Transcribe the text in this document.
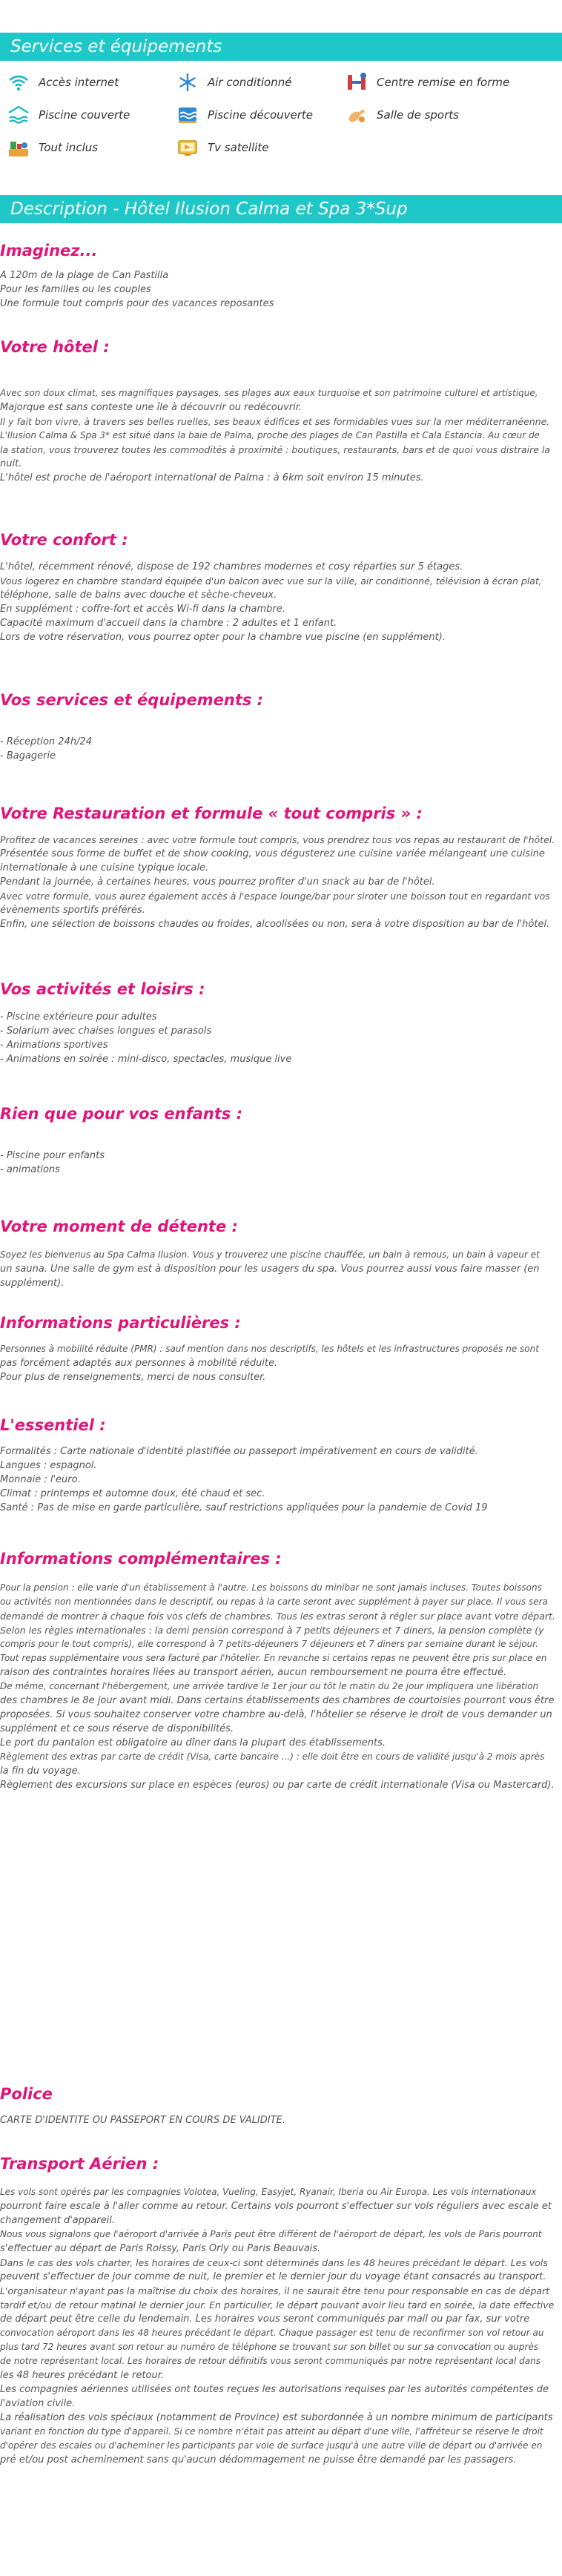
Services et équipements
Accès internet	Air conditionné	Centre remise en forme
Piscine couverte	Piscine découverte	Salle de sports
Tout inclus	Tv satellite
Description - Hôtel Ilusion Calma et Spa 3*Sup
Imaginez...
A 120m de la plage de Can Pastilla
Pour les familles ou les couples
Une formule tout compris pour des vacances reposantes
Votre hôtel :
Avec son doux climat, ses magnifiques paysages, ses plages aux eaux turquoise et son patrimoine culturel et artistique,
Majorque est sans conteste une île à découvrir ou redécouvrir.
Il y fait bon vivre, à travers ses belles ruelles, ses beaux édifices et ses formidables vues sur la mer méditerranéenne.
L'Ilusion Calma & Spa 3* est situé dans la baie de Palma, proche des plages de Can Pastilla et Cala Estancia. Au cœur de
la station, vous trouverez toutes les commodités à proximité : boutiques, restaurants, bars et de quoi vous distraire la
nuit.
L'hôtel est proche de l'aéroport international de Palma : à 6km soit environ 15 minutes.
Votre confort :
L'hôtel, récemment rénové, dispose de 192 chambres modernes et cosy réparties sur 5 étages.
Vous logerez en chambre standard équipée d'un balcon avec vue sur la ville, air conditionné, télévision à écran plat,
téléphone, salle de bains avec douche et sèche-cheveux.
En supplément : coffre-fort et accès Wi-fi dans la chambre.
Capacité maximum d'accueil dans la chambre : 2 adultes et 1 enfant.
Lors de votre réservation, vous pourrez opter pour la chambre vue piscine (en supplément).
Vos services et équipements :
- Réception 24h/24
- Bagagerie
Votre Restauration et formule « tout compris » :
Profitez de vacances sereines : avec votre formule tout compris, vous prendrez tous vos repas au restaurant de l'hôtel.
Présentée sous forme de buffet et de show cooking, vous dégusterez une cuisine variée mélangeant une cuisine
internationale à une cuisine typique locale.
Pendant la journée, à certaines heures, vous pourrez profiter d'un snack au bar de l'hôtel.
Avec votre formule, vous aurez également accès à l'espace lounge/bar pour siroter une boisson tout en regardant vos
évènements sportifs préférés.
Enfin, une sélection de boissons chaudes ou froides, alcoolisées ou non, sera à votre disposition au bar de l'hôtel.
Vos activités et loisirs :
- Piscine extérieure pour adultes
- Solarium avec chaises longues et parasols
- Animations sportives
- Animations en soirée : mini-disco, spectacles, musique live
Rien que pour vos enfants :
- Piscine pour enfants
- animations
Votre moment de détente :
Soyez les bienvenus au Spa Calma Ilusion. Vous y trouverez une piscine chauffée, un bain à remous, un bain à vapeur et
un sauna. Une salle de gym est à disposition pour les usagers du spa. Vous pourrez aussi vous faire masser (en
supplément).
Informations particulières :
Personnes à mobilité réduite (PMR) : sauf mention dans nos descriptifs, les hôtels et les infrastructures proposés ne sont
pas forcément adaptés aux personnes à mobilité réduite.
Pour plus de renseignements, merci de nous consulter.
L'essentiel :
Formalités : Carte nationale d'identité plastifiée ou passeport impérativement en cours de validité.
Langues : espagnol.
Monnaie : l'euro.
Climat : printemps et automne doux, été chaud et sec.
Santé : Pas de mise en garde particulière, sauf restrictions appliquées pour la pandemie de Covid 19
Informations complémentaires :
Pour la pension : elle varie d'un établissement à l'autre. Les boissons du minibar ne sont jamais incluses. Toutes boissons
ou activités non mentionnées dans le descriptif, ou repas à la carte seront avec supplément à payer sur place. Il vous sera
demandé de montrer à chaque fois vos clefs de chambres. Tous les extras seront à régler sur place avant votre départ.
Selon les règles internationales : la demi pension correspond à 7 petits déjeuners et 7 diners, la pension complète (y
compris pour le tout compris), elle correspond à 7 petits-déjeuners 7 déjeuners et 7 diners par semaine durant le séjour.
Tout repas supplémentaire vous sera facturé par l'hôtelier. En revanche si certains repas ne peuvent être pris sur place en
raison des contraintes horaires liées au transport aérien, aucun remboursement ne pourra être effectué.
De même, concernant l'hébergement, une arrivée tardive le 1er jour ou tôt le matin du 2e jour impliquera une libération
des chambres le 8e jour avant midi. Dans certains établissements des chambres de courtoisies pourront vous être
proposées. Si vous souhaitez conserver votre chambre au-delà, l'hôtelier se réserve le droit de vous demander un
supplément et ce sous réserve de disponibilités.
Le port du pantalon est obligatoire au dîner dans la plupart des établissements.
Règlement des extras par carte de crédit (Visa, carte bancaire ...) : elle doit être en cours de validité jusqu'à 2 mois après
la fin du voyage.
Règlement des excursions sur place en espèces (euros) ou par carte de crédit internationale (Visa ou Mastercard).
Police
CARTE D'IDENTITE OU PASSEPORT EN COURS DE VALIDITE.
Transport Aérien :
Les vols sont opérés par les compagnies Volotea, Vueling, Easyjet, Ryanair, Iberia ou Air Europa. Les vols internationaux
pourront faire escale à l'aller comme au retour. Certains vols pourront s'effectuer sur vols réguliers avec escale et
changement d'appareil.
Nous vous signalons que l'aéroport d'arrivée à Paris peut être différent de l'aéroport de départ, les vols de Paris pourront
s'effectuer au départ de Paris Roissy, Paris Orly ou Paris Beauvais.
Dans le cas des vols charter, les horaires de ceux-ci sont déterminés dans les 48 heures précédant le départ. Les vols
peuvent s'effectuer de jour comme de nuit, le premier et le dernier jour du voyage étant consacrés au transport.
L'organisateur n'ayant pas la maîtrise du choix des horaires, il ne saurait être tenu pour responsable en cas de départ
tardif et/ou de retour matinal le dernier jour. En particulier, le départ pouvant avoir lieu tard en soirée, la date effective
de départ peut être celle du lendemain. Les horaires vous seront communiqués par mail ou par fax, sur votre
convocation aéroport dans les 48 heures précédant le départ. Chaque passager est tenu de reconfirmer son vol retour au
plus tard 72 heures avant son retour au numéro de téléphone se trouvant sur son billet ou sur sa convocation ou auprès
de notre représentant local. Les horaires de retour définitifs vous seront communiqués par notre représentant local dans
les 48 heures précédant le retour.
Les compagnies aériennes utilisées ont toutes reçues les autorisations requises par les autorités compétentes de
l'aviation civile.
La réalisation des vols spéciaux (notamment de Province) est subordonnée à un nombre minimum de participants
variant en fonction du type d'appareil. Si ce nombre n'était pas atteint au départ d'une ville, l'affréteur se réserve le droit
d'opérer des escales ou d'acheminer les participants par voie de surface jusqu'à une autre ville de départ ou d'arrivée en
pré et/ou post acheminement sans qu'aucun dédommagement ne puisse être demandé par les passagers.
